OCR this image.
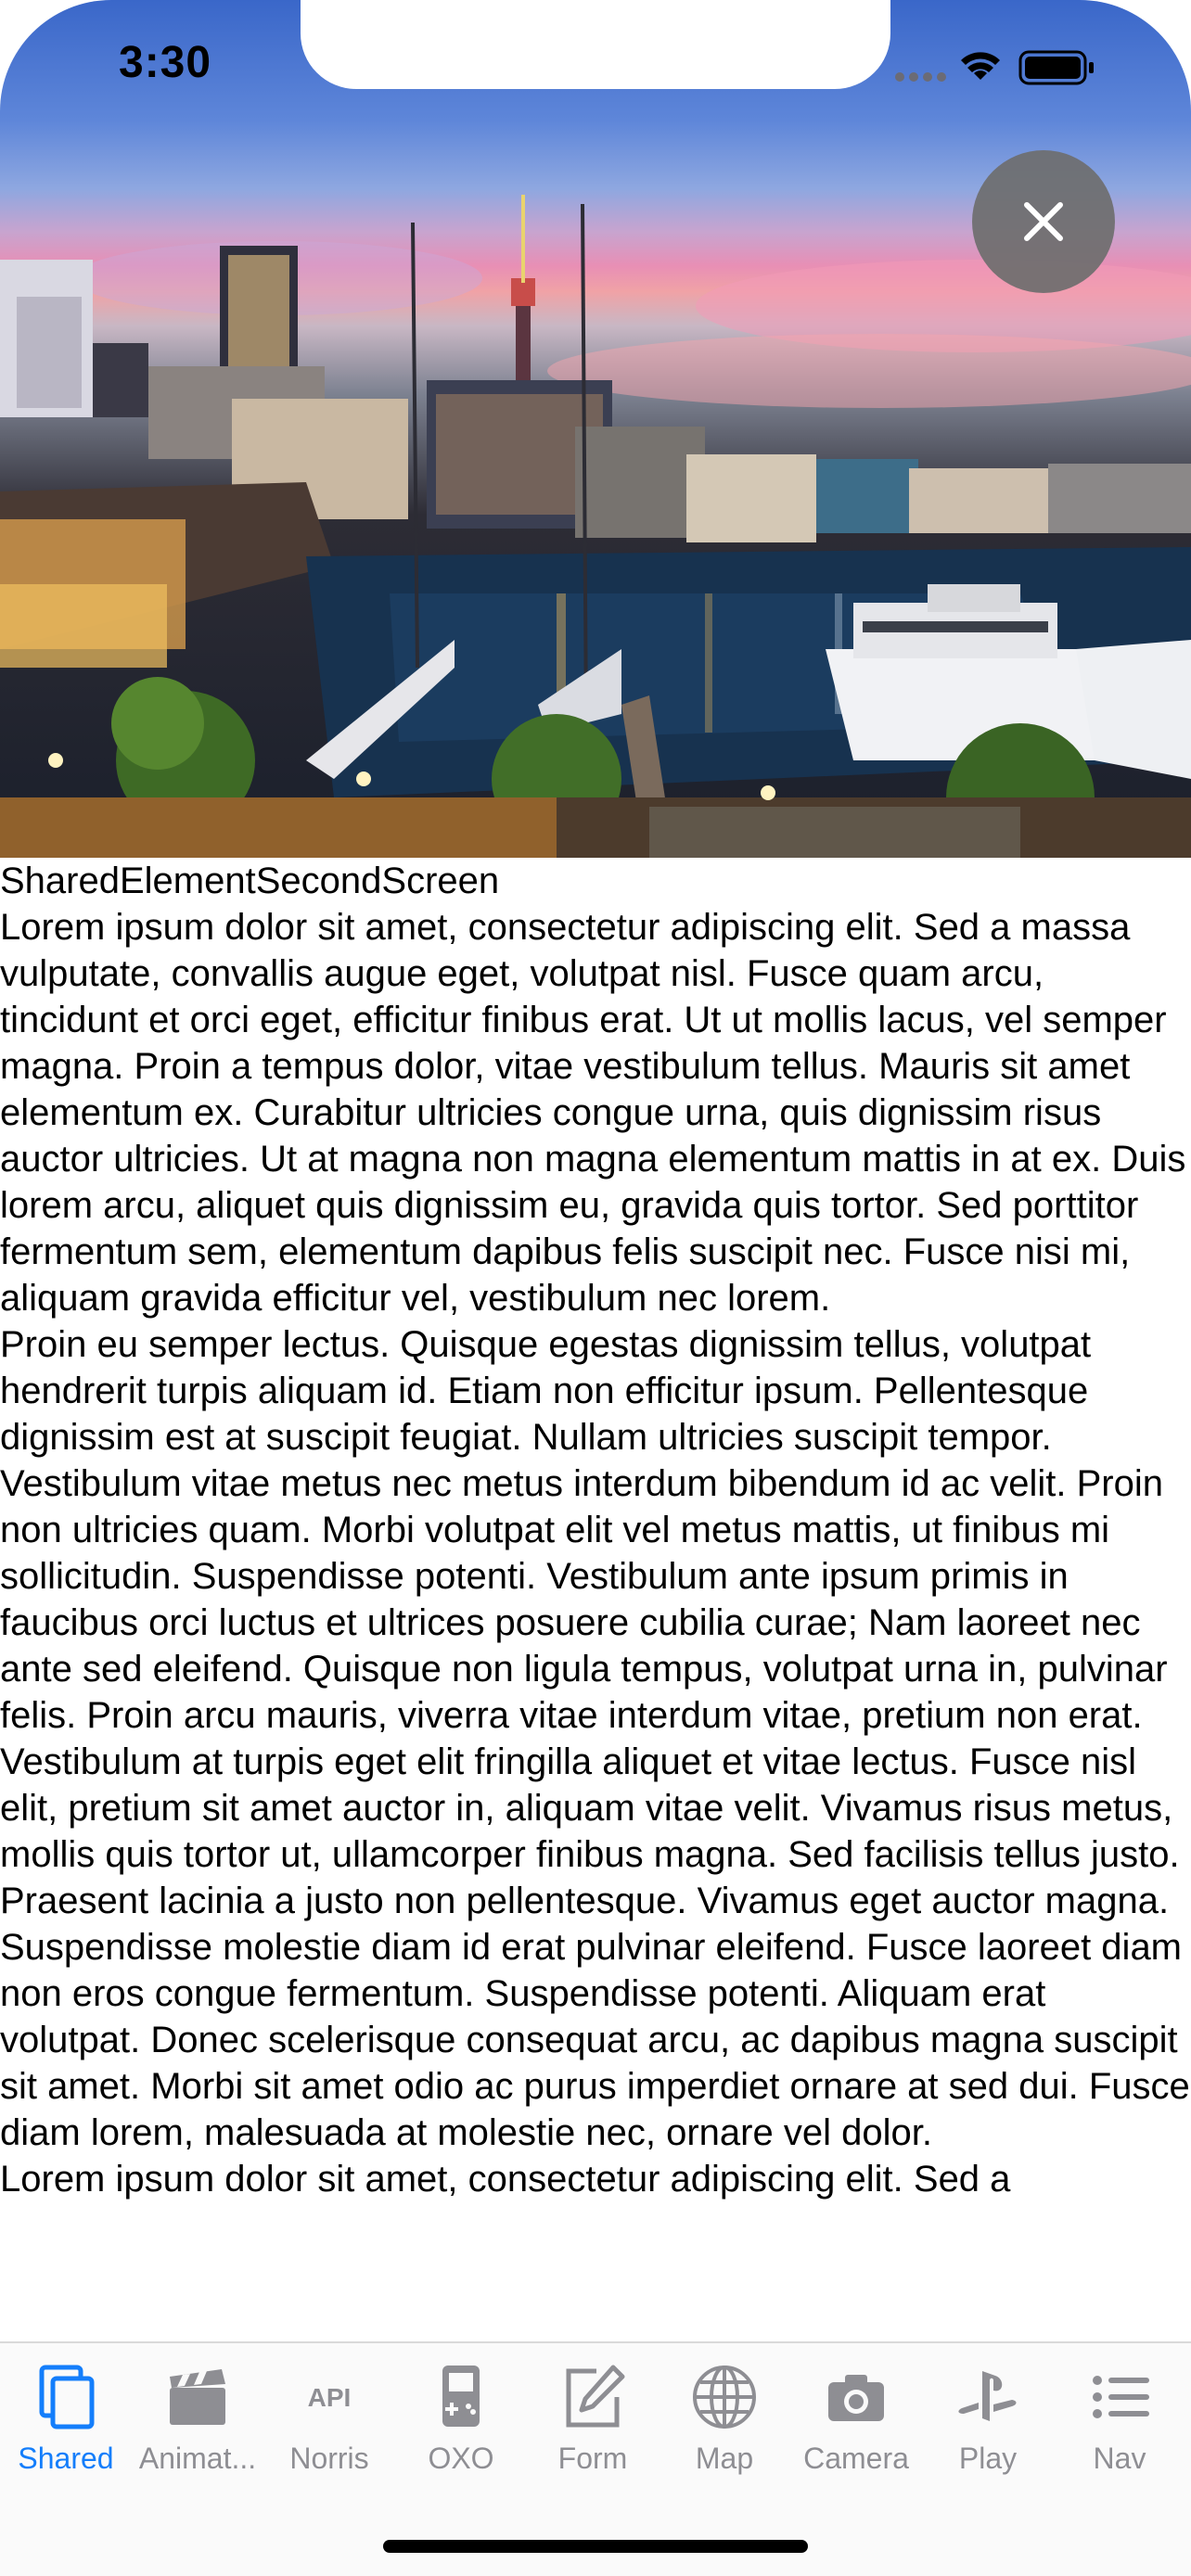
3:30
SharedElementSecondScreen

Lorem ipsum dolor sit amet, consectetur adipiscing elit. Sed a massa vulputate, convallis augue eget, volutpat nisl. Fusce quam arcu, tincidunt et orci eget, efficitur finibus erat. Ut ut mollis lacus, vel semper magna. Proin a tempus dolor, vitae vestibulum tellus. Mauris sit amet elementum ex. Curabitur ultricies congue urna, quis dignissim risus auctor ultricies. Ut at magna non magna elementum mattis in at ex. Duis lorem arcu, aliquet quis dignissim eu, gravida quis tortor. Sed porttitor fermentum sem, elementum dapibus felis suscipit nec. Fusce nisi mi, aliquam gravida efficitur vel, vestibulum nec lorem.

Proin eu semper lectus. Quisque egestas dignissim tellus, volutpat hendrerit turpis aliquam id. Etiam non efficitur ipsum. Pellentesque dignissim est at suscipit feugiat. Nullam ultricies suscipit tempor. Vestibulum vitae metus nec metus interdum bibendum id ac velit. Proin non ultricies quam. Morbi volutpat elit vel metus mattis, ut finibus mi sollicitudin. Suspendisse potenti. Vestibulum ante ipsum primis in faucibus orci luctus et ultrices posuere cubilia curae; Nam laoreet nec ante sed eleifend. Quisque non ligula tempus, volutpat urna in, pulvinar felis. Proin arcu mauris, viverra vitae interdum vitae, pretium non erat.

Vestibulum at turpis eget elit fringilla aliquet et vitae lectus. Fusce nisl elit, pretium sit amet auctor in, aliquam vitae velit. Vivamus risus metus, mollis quis tortor ut, ullamcorper finibus magna. Sed facilisis tellus justo. Praesent lacinia a justo non pellentesque. Vivamus eget auctor magna. Suspendisse molestie diam id erat pulvinar eleifend. Fusce laoreet diam non eros congue fermentum. Suspendisse potenti. Aliquam erat volutpat. Donec scelerisque consequat arcu, ac dapibus magna suscipit sit amet. Morbi sit amet odio ac purus imperdiet ornare at sed dui. Fusce diam lorem, malesuada at molestie nec, ornare vel dolor.

Lorem ipsum dolor sit amet, consectetur adipiscing elit. Sed a

Shared Animat...
API
Norris OXO Form Map Camera Play	Nav
